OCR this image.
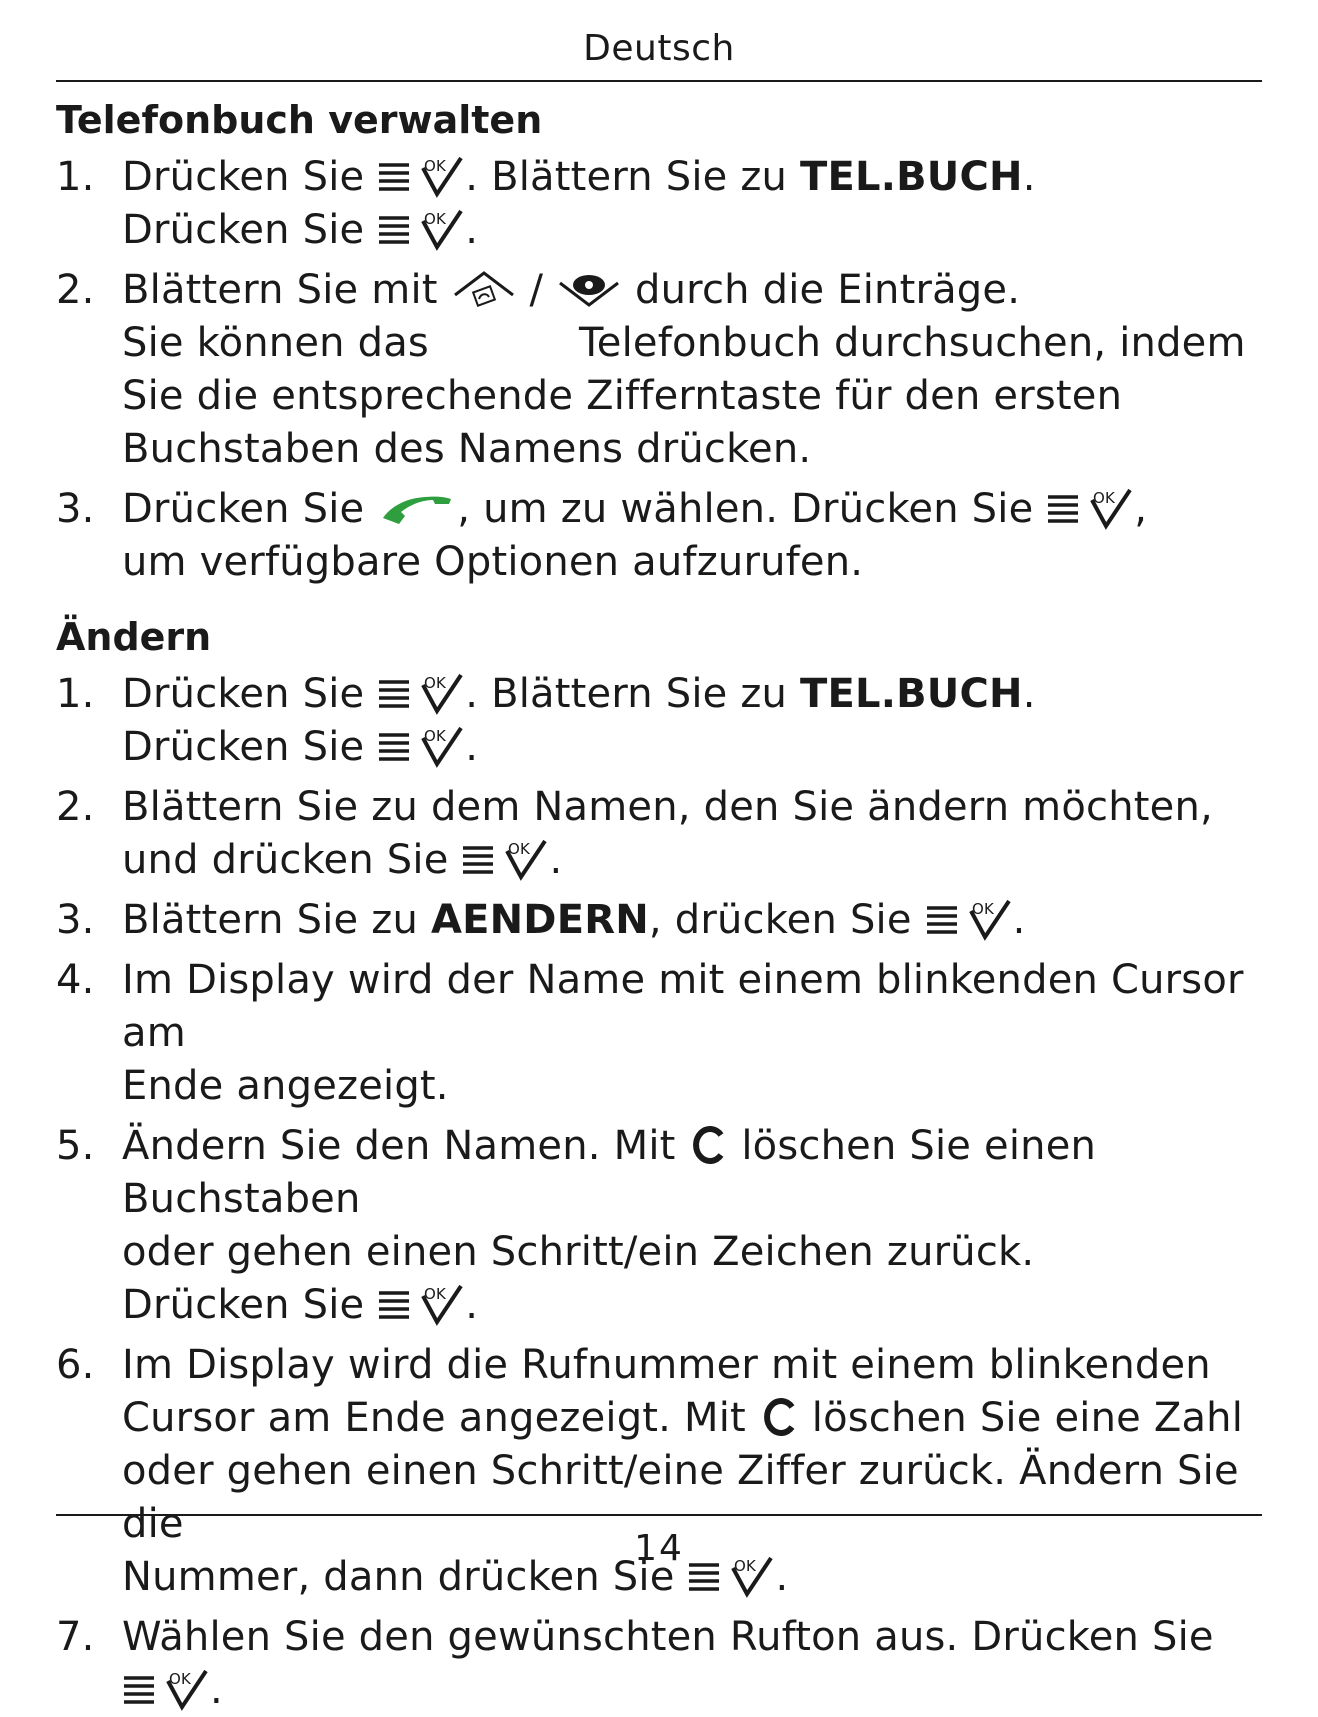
Deutsch
Telefonbuch verwalten
1. Drücken Sie	. Blättern Sie zu TEL.BUCH.
Drücken Sie	.
2. Blättern Sie mit / durch die Einträge.
Sie können das	Telefonbuch durchsuchen, indem
Sie die entsprechende Zifferntaste für den ersten
Buchstaben des Namens drücken.
3. Drücken Sie , um zu wählen. Drücken Sie	,
um verfügbare Optionen aufzurufen.
Ändern
1. Drücken Sie	. Blättern Sie zu TEL.BUCH.
Drücken Sie	.
2. Blättern Sie zu dem Namen, den Sie ändern möchten,
und drücken Sie	.
3. Blättern Sie zu AENDERN, drücken Sie	.
4. Im Display wird der Name mit einem blinkenden Cursor am
Ende angezeigt.
5. Ändern Sie den Namen. Mit löschen Sie einen Buchstaben
oder gehen einen Schritt/ein Zeichen zurück.
Drücken Sie	.
6. Im Display wird die Rufnummer mit einem blinkenden
Cursor am Ende angezeigt. Mit löschen Sie eine Zahl
oder gehen einen Schritt/eine Ziffer zurück. Ändern Sie die
Nummer, dann drücken Sie	.
7. Wählen Sie den gewünschten Rufton aus. Drücken Sie
.
14
